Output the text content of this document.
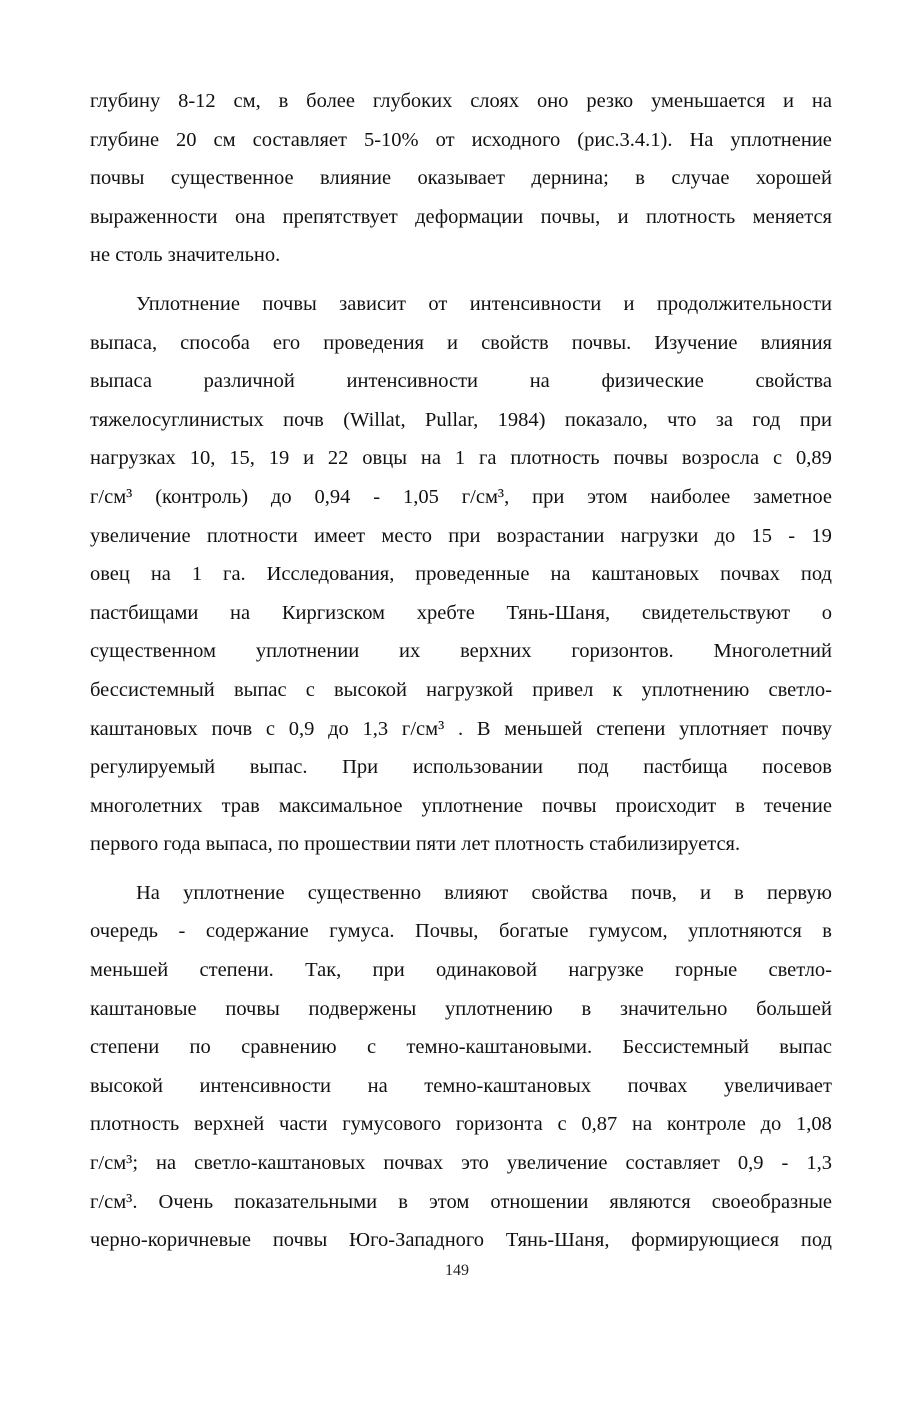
глубину 8-12 см, в более глубоких слоях оно резко уменьшается и на
глубине 20 см составляет 5-10% от исходного (рис.3.4.1). На уплотнение
почвы существенное влияние оказывает дернина; в случае хорошей
выраженности она препятствует деформации почвы, и плотность меняется
не столь значительно.
Уплотнение почвы зависит от интенсивности и продолжительности
выпаса, способа его проведения и свойств почвы. Изучение влияния
выпаса	различной	интенсивности	на	физические	свойства
тяжелосуглинистых почв (Willat, Pullar, 1984) показало, что за год при
нагрузках 10, 15, 19 и 22 овцы на 1 га плотность почвы возросла с 0,89
г/см³ (контроль) до 0,94 - 1,05 г/см³, при этом наиболее заметное
увеличение плотности имеет место при возрастании нагрузки до 15 - 19
овец на 1 га. Исследования, проведенные на каштановых почвах под
пастбищами на Киргизском хребте Тянь-Шаня, свидетельствуют о
существенном уплотнении их верхних горизонтов. Многолетний
бессистемный выпас с высокой нагрузкой привел к уплотнению светло-
каштановых почв с 0,9 до 1,3 г/см³ . В меньшей степени уплотняет почву
регулируемый выпас. При использовании под пастбища посевов
многолетних трав максимальное уплотнение почвы происходит в течение
первого года выпаса, по прошествии пяти лет плотность стабилизируется.
На уплотнение существенно влияют свойства почв, и в первую
очередь - содержание гумуса. Почвы, богатые гумусом, уплотняются в
меньшей степени. Так, при одинаковой нагрузке горные светло-
каштановые почвы подвержены уплотнению в значительно большей
степени по сравнению с темно-каштановыми. Бессистемный выпас
высокой интенсивности на темно-каштановых почвах увеличивает
плотность верхней части гумусового горизонта с 0,87 на контроле до 1,08
г/см³; на светло-каштановых почвах это увеличение составляет 0,9 - 1,3
г/см³. Очень показательными в этом отношении являются своеобразные
черно-коричневые почвы Юго-Западного Тянь-Шаня, формирующиеся под
149
